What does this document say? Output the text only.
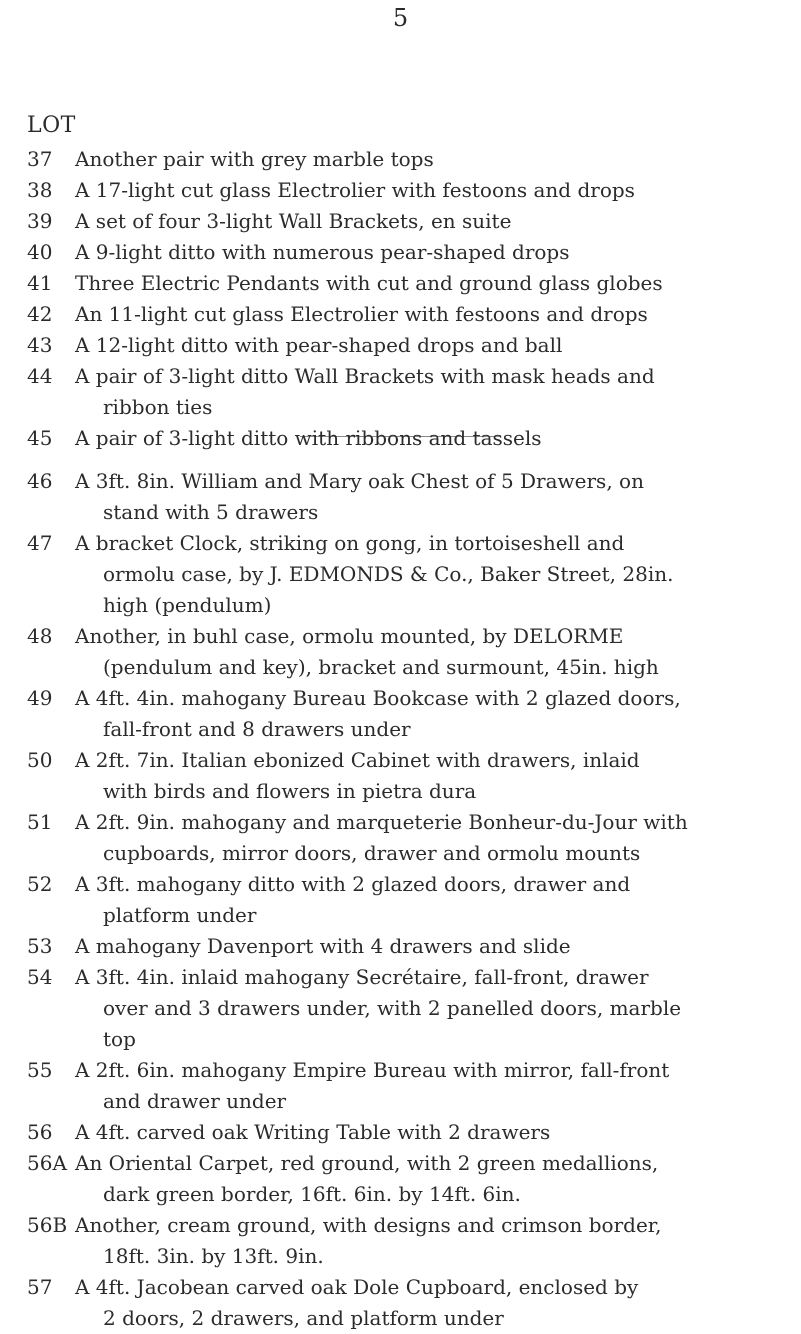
5
LOT
37	Another pair with grey marble tops
38	A 17-light cut glass Electrolier with festoons and drops
39	A set of four 3-light Wall Brackets, en suite
40	A 9-light ditto with numerous pear-shaped drops
41	Three Electric Pendants with cut and ground glass globes
42	An 11-light cut glass Electrolier with festoons and drops
43	A 12-light ditto with pear-shaped drops and ball
44	A pair of 3-light ditto Wall Brackets with mask heads and
ribbon ties
45	A pair of 3-light ditto with ribbons and tassels
46	A 3ft. 8in. William and Mary oak Chest of 5 Drawers, on
stand with 5 drawers
47	A bracket Clock, striking on gong, in tortoiseshell and
ormolu case, by J. EDMONDS & Co., Baker Street, 28in.
high (pendulum)
48	Another, in buhl case, ormolu mounted, by DELORME
(pendulum and key), bracket and surmount, 45in. high
49	A 4ft. 4in. mahogany Bureau Bookcase with 2 glazed doors,
fall-front and 8 drawers under
50	A 2ft. 7in. Italian ebonized Cabinet with drawers, inlaid
with birds and flowers in pietra dura
51	A 2ft. 9in. mahogany and marqueterie Bonheur-du-Jour with
cupboards, mirror doors, drawer and ormolu mounts
52	A 3ft. mahogany ditto with 2 glazed doors, drawer and
platform under
53	A mahogany Davenport with 4 drawers and slide
54	A 3ft. 4in. inlaid mahogany Secrétaire, fall-front, drawer
over and 3 drawers under, with 2 panelled doors, marble
top
55	A 2ft. 6in. mahogany Empire Bureau with mirror, fall-front
and drawer under
56	A 4ft. carved oak Writing Table with 2 drawers
56A An Oriental Carpet, red ground, with 2 green medallions,
dark green border, 16ft. 6in. by 14ft. 6in.
56B Another, cream ground, with designs and crimson border,
18ft. 3in. by 13ft. 9in.
57	A 4ft. Jacobean carved oak Dole Cupboard, enclosed by
2 doors, 2 drawers, and platform under
